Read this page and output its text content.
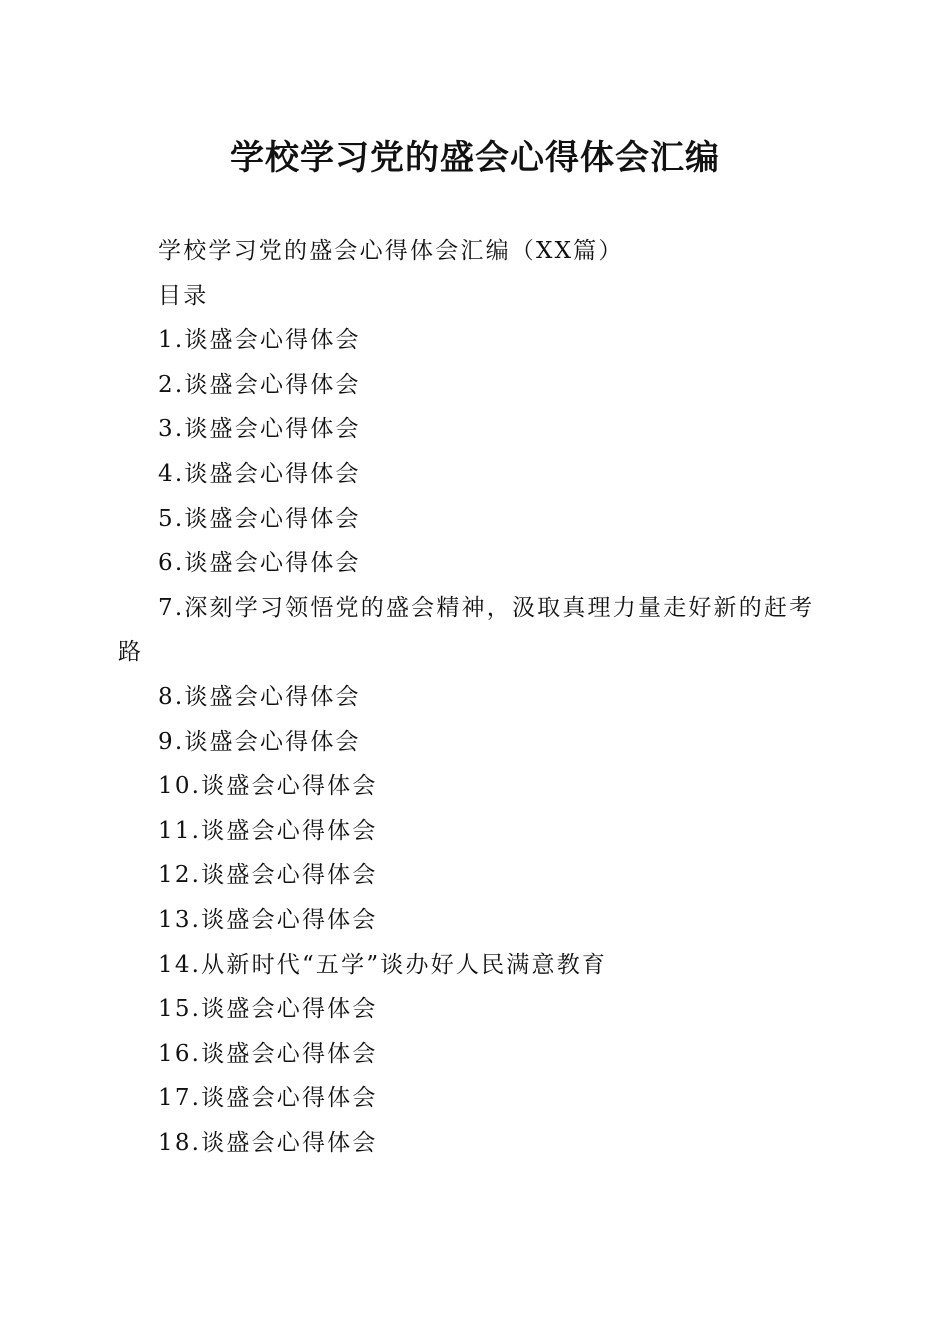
学校学习党的盛会心得体会汇编

学校学习党的盛会心得体会汇编（XX篇）

目录

1.谈盛会心得体会

2.谈盛会心得体会

3.谈盛会心得体会

4.谈盛会心得体会

5.谈盛会心得体会

6.谈盛会心得体会

7.深刻学习领悟党的盛会精神，汲取真理力量走好新的赶考路

8.谈盛会心得体会

9.谈盛会心得体会

10.谈盛会心得体会

11.谈盛会心得体会

12.谈盛会心得体会

13.谈盛会心得体会

14.从新时代“五学”谈办好人民满意教育

15.谈盛会心得体会

16.谈盛会心得体会

17.谈盛会心得体会

18.谈盛会心得体会
